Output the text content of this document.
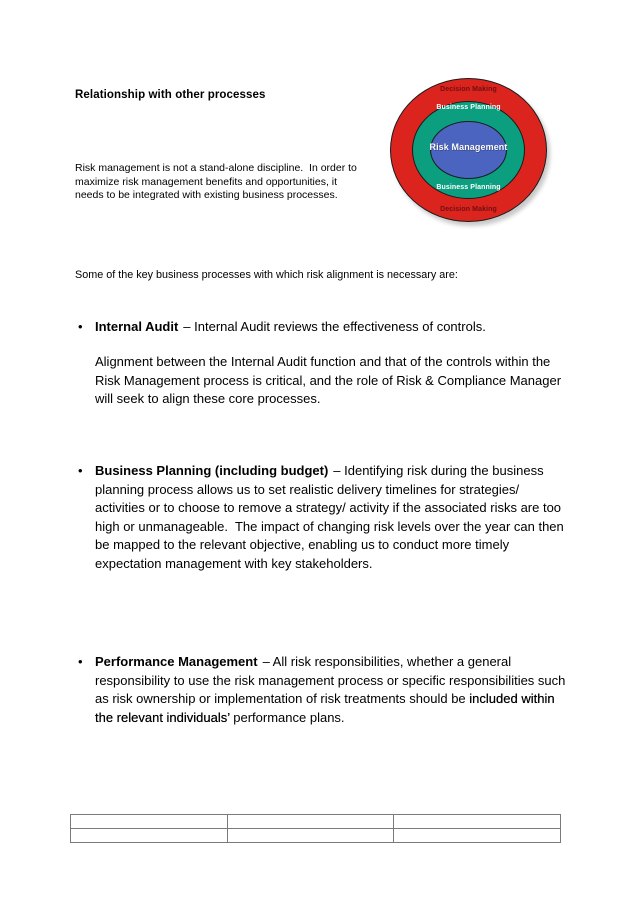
Relationship with other processes	Decision Making
Business Planning
Risk Management
Business Planning
Decision Making
Risk management is not a stand-alone discipline.  In order to maximize risk management benefits and opportunities, it needs to be integrated with existing business processes.
Some of the key business processes with which risk alignment is necessary are:
• Internal Audit – Internal Audit reviews the effectiveness of controls.
Alignment between the Internal Audit function and that of the controls within the Risk Management process is critical, and the role of Risk & Compliance Manager will seek to align these core processes.
• Business Planning (including budget) – Identifying risk during the business planning process allows us to set realistic delivery timelines for strategies/ activities or to choose to remove a strategy/ activity if the associated risks are too high or unmanageable.  The impact of changing risk levels over the year can then be mapped to the relevant objective, enabling us to conduct more timely expectation management with key stakeholders.
• Performance Management – All risk responsibilities, whether a general responsibility to use the risk management process or specific responsibilities such as risk ownership or implementation of risk treatments should be included within the relevant individuals’ performance plans.
